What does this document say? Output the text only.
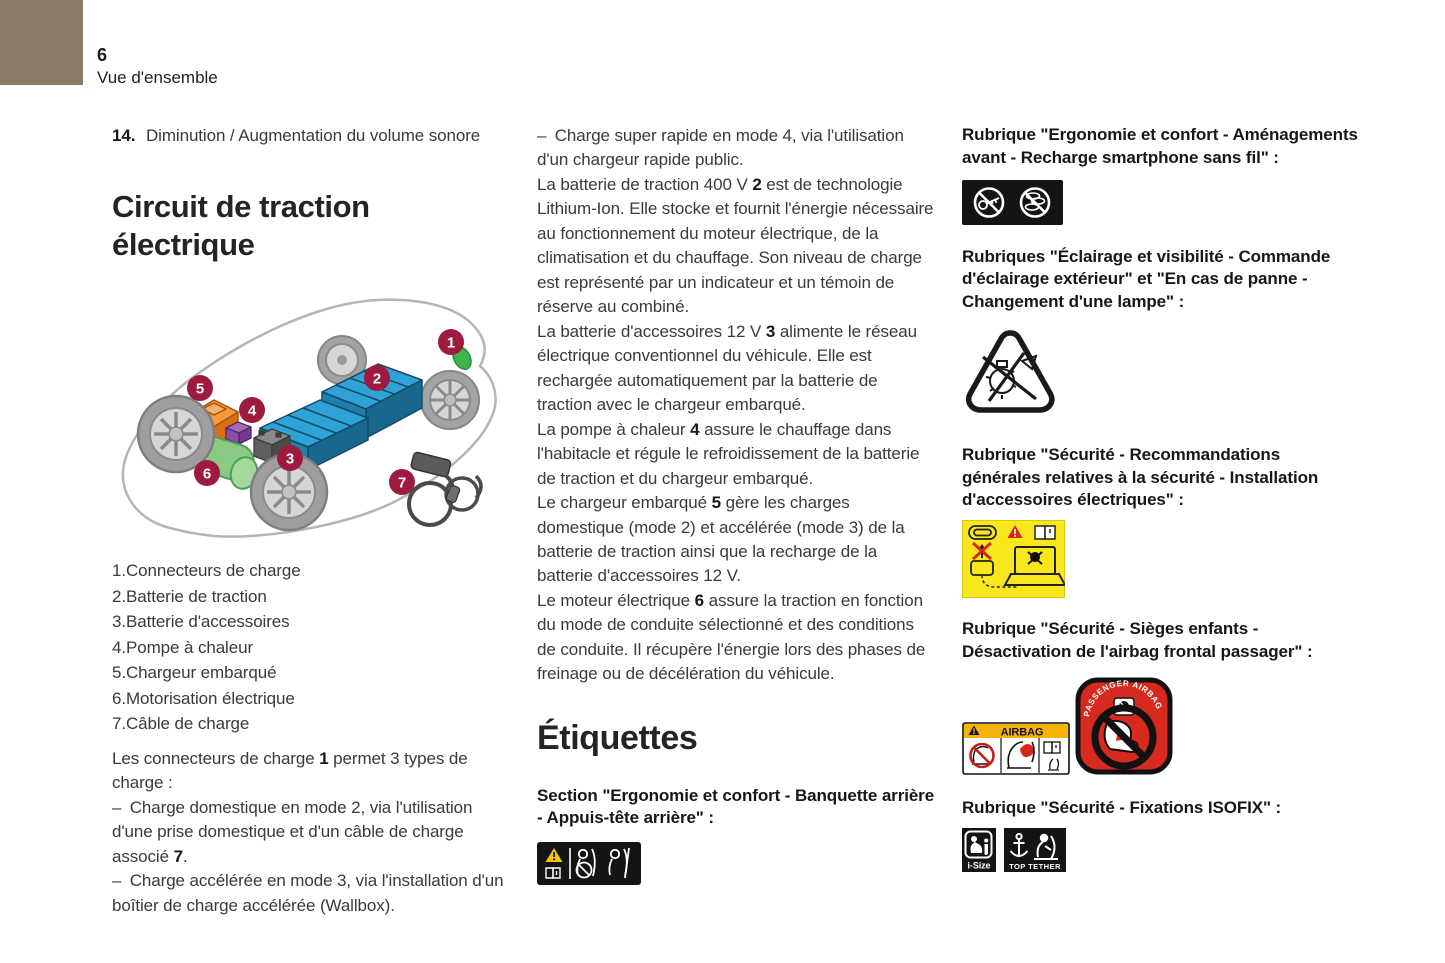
6
Vue d'ensemble
14. Diminution / Augmentation du volume sonore
Circuit de traction électrique
1
2
3
4
5
6
7
1. Connecteurs de charge
2. Batterie de traction
3. Batterie d'accessoires
4. Pompe à chaleur
5. Chargeur embarqué
6. Motorisation électrique
7. Câble de charge

Les connecteurs de charge 1 permet 3 types de charge :

– Charge domestique en mode 2, via l'utilisation d'une prise domestique et d'un câble de charge associé 7.

– Charge accélérée en mode 3, via l'installation d'un boîtier de charge accélérée (Wallbox).

– Charge super rapide en mode 4, via l'utilisation d'un chargeur rapide public.

La batterie de traction 400 V 2 est de technologie Lithium-Ion. Elle stocke et fournit l'énergie nécessaire au fonctionnement du moteur électrique, de la climatisation et du chauffage. Son niveau de charge est représenté par un indicateur et un témoin de réserve au combiné.

La batterie d'accessoires 12 V 3 alimente le réseau électrique conventionnel du véhicule. Elle est rechargée automatiquement par la batterie de traction avec le chargeur embarqué.

La pompe à chaleur 4 assure le chauffage dans l'habitacle et régule le refroidissement de la batterie de traction et du chargeur embarqué.

Le chargeur embarqué 5 gère les charges domestique (mode 2) et accélérée (mode 3) de la batterie de traction ainsi que la recharge de la batterie d'accessoires 12 V.

Le moteur électrique 6 assure la traction en fonction du mode de conduite sélectionné et des conditions de conduite. Il récupère l'énergie lors des phases de freinage ou de décélération du véhicule.

Étiquettes

Section "Ergonomie et confort - Banquette arrière - Appuis-tête arrière" :

Rubrique "Ergonomie et confort - Aménagements avant - Recharge smartphone sans fil" :

Rubriques "Éclairage et visibilité - Commande d'éclairage extérieur" et "En cas de panne - Changement d'une lampe" :

Rubrique "Sécurité - Recommandations générales relatives à la sécurité - Installation d'accessoires électriques" :

Rubrique "Sécurité - Sièges enfants - Désactivation de l'airbag frontal passager" :

AIRBAG

PASSENGER AIRBAG

Rubrique "Sécurité - Fixations ISOFIX" :

i-Size TOP TETHER
